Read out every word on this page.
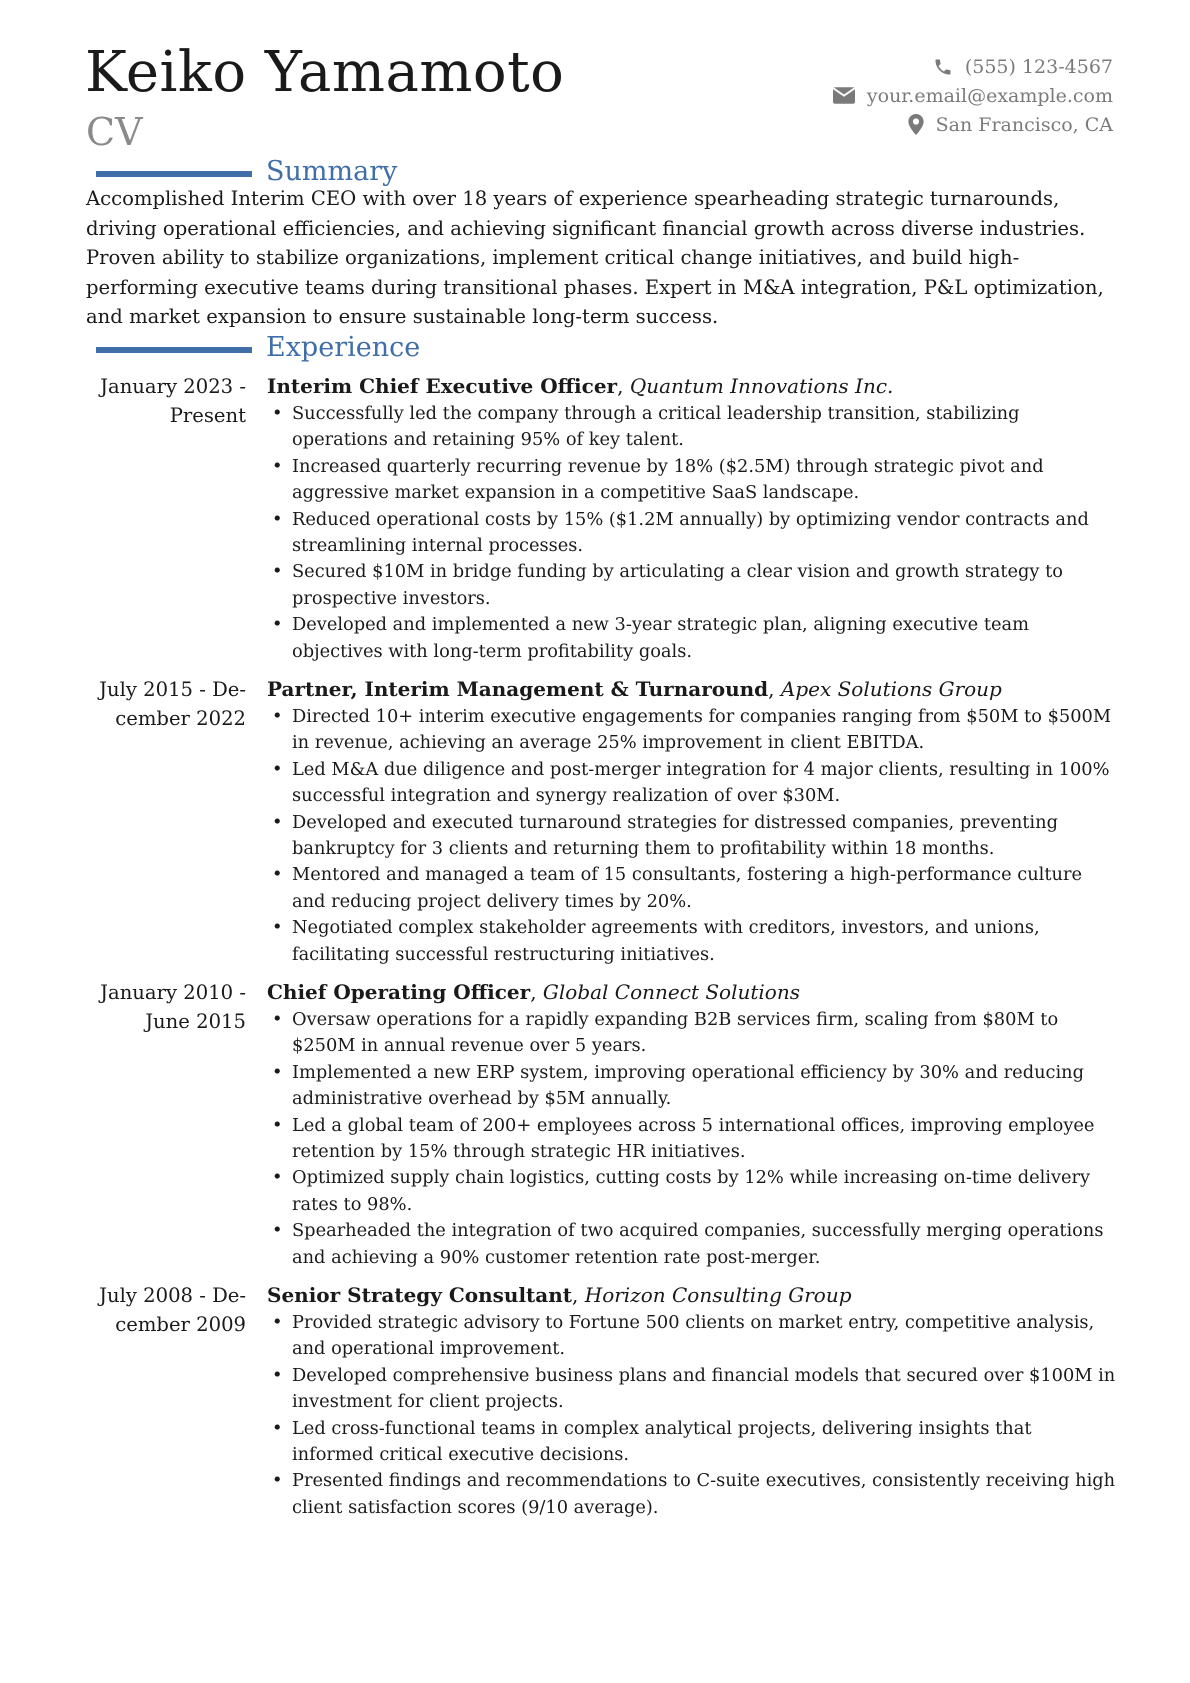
Keiko Yamamoto
CV
(555) 123-4567
your.email@example.com
San Francisco, CA
Summary

Accomplished Interim CEO with over 18 years of experience spearheading strategic turnarounds, driving operational efficiencies, and achieving significant financial growth across diverse industries. Proven ability to stabilize organizations, implement critical change initiatives, and build high-performing executive teams during transitional phases. Expert in M&A integration, P&L optimization, and market expansion to ensure sustainable long-term success.

Experience
January 2023 -
Present
Interim Chief Executive Officer, Quantum Innovations Inc.
• Successfully led the company through a critical leadership transition, stabilizing operations and retaining 95% of key talent.
• Increased quarterly recurring revenue by 18% ($2.5M) through strategic pivot and aggressive market expansion in a competitive SaaS landscape.
• Reduced operational costs by 15% ($1.2M annually) by optimizing vendor contracts and streamlining internal processes.
• Secured $10M in bridge funding by articulating a clear vision and growth strategy to prospective investors.
• Developed and implemented a new 3-year strategic plan, aligning executive team objectives with long-term profitability goals.
July 2015 - De-
cember 2022
Partner, Interim Management & Turnaround, Apex Solutions Group
• Directed 10+ interim executive engagements for companies ranging from $50M to $500M in revenue, achieving an average 25% improvement in client EBITDA.
• Led M&A due diligence and post-merger integration for 4 major clients, resulting in 100% successful integration and synergy realization of over $30M.
• Developed and executed turnaround strategies for distressed companies, preventing bankruptcy for 3 clients and returning them to profitability within 18 months.
• Mentored and managed a team of 15 consultants, fostering a high-performance culture and reducing project delivery times by 20%.
• Negotiated complex stakeholder agreements with creditors, investors, and unions, facilitating successful restructuring initiatives.
January 2010 -
June 2015
Chief Operating Officer, Global Connect Solutions
• Oversaw operations for a rapidly expanding B2B services firm, scaling from $80M to $250M in annual revenue over 5 years.
• Implemented a new ERP system, improving operational efficiency by 30% and reducing administrative overhead by $5M annually.
• Led a global team of 200+ employees across 5 international offices, improving employee retention by 15% through strategic HR initiatives.
• Optimized supply chain logistics, cutting costs by 12% while increasing on-time delivery rates to 98%.
• Spearheaded the integration of two acquired companies, successfully merging operations and achieving a 90% customer retention rate post-merger.
July 2008 - De-
cember 2009
Senior Strategy Consultant, Horizon Consulting Group
• Provided strategic advisory to Fortune 500 clients on market entry, competitive analysis, and operational improvement.
• Developed comprehensive business plans and financial models that secured over $100M in investment for client projects.
• Led cross-functional teams in complex analytical projects, delivering insights that informed critical executive decisions.
• Presented findings and recommendations to C-suite executives, consistently receiving high client satisfaction scores (9/10 average).
